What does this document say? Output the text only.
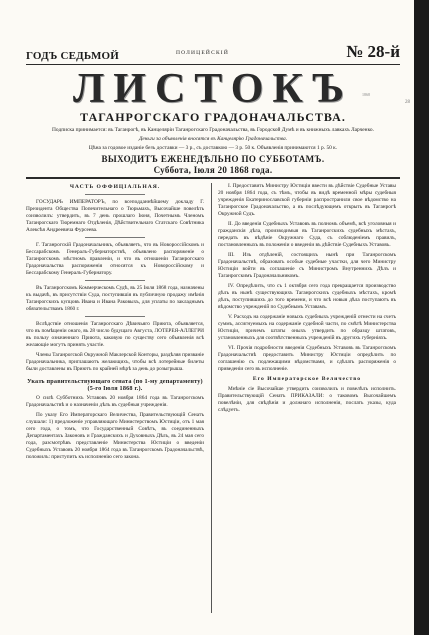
1868
28
ГОДЪ СЕДЬМОЙ	ПОЛИЦЕЙСКІЙ	№ 28-й
ЛИСТОКЪ
ТАГАНРОГСКАГО ГРАДОНАЧАЛЬСТВА.
Подписка принимается: въ Таганрогѣ, въ Канцеляріи Таганрогскаго Градоначальства, въ Городской Думѣ и въ книжныхъ лавкахъ Ларченко.
Деньги за объявленія вносятся въ Канцелярію Градоначальства.
Цѣна за годовое изданіе безъ доставки — 3 р., съ доставкою — 3 р. 50 к. Объявленія принимаются 1 р. 50 к.
ВЫХОДИТЪ ЕЖЕНЕДѢЛЬНО ПО СУББОТАМЪ.
Суббота, Іюля 20 1868 года.
ЧАСТЬ ОФФИЦІАЛЬНАЯ.

ГОСУДАРЬ ИМПЕРАТОРЪ, по всеподданнѣйшему докладу Г. Президента Общества Попечительнаго о Тюрьмахъ, Высочайше повелѣть соизволилъ: утвердить, въ 7 день прошлаго Іюня, Почетнымъ Членомъ Таганрогскаго Тюремнаго Отдѣленія, Дѣйствительнаго Статскаго Совѣтника Алексѣя Андреевича Фурсеева.

Г. Таганрогскій Градоначальникъ, объявляетъ, что въ Новороссійскомъ и Бессарабскомъ Генералъ-Губернаторствѣ, объявлено распоряженіе о Таганрогскомъ мѣстномъ правленіи, и что въ отношеніи Таганрогскаго Градоначальства распоряженія относятся къ Новороссійскому и Бессарабскому Генералъ-Губернатору.

Въ Таганрогскомъ Коммерческомъ Судѣ, въ 25 Іюля 1868 года, назначены къ выдачѣ, въ присутствіи Суда, поступившія въ публичную продажу имѣнія Таганрогскихъ купцовъ Ивана и Ивана Раковыхъ, для уплаты по закладнымъ обязательствамъ 1860 г.

Вслѣдствіе отношенія Таганрогскаго Дѣвичьяго Приюта, объявляется, что въ помѣщеніи онаго, въ 28 число будущаго Августа, ЛОТЕРЕЯ-АЛЛЕГРИ въ пользу означеннаго Приюта, каковую по существу сего объявленія всѣ желающіе могутъ принять участіе.

Члены Таганрогской Окружной Маклерской Конторы, раздѣляя призваніе Градоначальника, приглашаютъ желающихъ, чтобы всѣ лотерейные билеты были доставлены въ Приютъ по крайней мѣрѣ за день до розыгрыша.

Указъ правительствующаго сената (по 1-му департаменту) (5-го Іюля 1868 г.).

О силѣ Субботнихъ Уставовъ 20 ноября 1864 года въ Таганрогскомъ Градоначальствѣ и о назначеніи дѣлъ въ судебныя учрежденія.

По указу Его Императорскаго Величества, Правительствующій Сенатъ слушали: 1) предложеніе управляющаго Министерствомъ Юстиціи, отъ 1 мая сего года, о томъ, что Государственный Совѣтъ, въ соединенныхъ Департаментахъ Законовъ и Гражданскихъ и Духовныхъ Дѣлъ, въ 24 мая сего года, разсмотрѣвъ представленіе Министерства Юстиціи о введеніи Судебныхъ Уставовъ 20 ноября 1864 года въ Таганрогскомъ Градоначальствѣ, положилъ: приступить къ исполненію сего закона.

I. Предоставить Министру Юстиціи ввести въ дѣйствіе Судебные Уставы 20 ноября 1864 года, съ тѣмъ, чтобы въ видѣ временной мѣры судебныя учрежденія Екатеринославской губерніи распространили свое вѣдомство на Таганрогское Градоначальство, а въ послѣдующемъ открыть въ Таганрогѣ Окружной Судъ.

II. До введенія Судебныхъ Уставовъ въ полномъ объемѣ, всѣ уголовныя и гражданскія дѣла, производимыя въ Таганрогскихъ судебныхъ мѣстахъ, передать въ вѣдѣніе Окружнаго Суда, съ соблюденіемъ правилъ, постановленныхъ въ положеніи о введеніи въ дѣйствіе Судебныхъ Уставовъ.

III. Изъ отдѣленій, состоящихъ нынѣ при Таганрогскомъ Градоначальствѣ, образовать особые судебные участки, для чего Министру Юстиціи войти въ соглашеніе съ Министромъ Внутреннихъ Дѣлъ и Таганрогскимъ Градоначальникомъ.

IV. Опредѣлить, что съ 1 октября сего года прекращается производство дѣлъ въ нынѣ существующихъ Таганрогскихъ судебныхъ мѣстахъ, кромѣ дѣлъ, поступившихъ до того времени, и что всѣ новыя дѣла поступаютъ въ вѣдомство учрежденій по Судебнымъ Уставамъ.

V. Расходъ на содержаніе новыхъ судебныхъ учрежденій отнести на счетъ суммъ, ассигнуемыхъ на содержаніе судебной части, по смѣтѣ Министерства Юстиціи, причемъ штаты оныхъ утвердить по образцу штатовъ, установленныхъ для соотвѣтственныхъ учрежденій въ другихъ губерніяхъ.

VI. Прочія подробности введенія Судебныхъ Уставовъ въ Таганрогскомъ Градоначальствѣ предоставить Министру Юстиціи опредѣлить по соглашенію съ подлежащими вѣдомствами, и сдѣлать распоряженія о приведеніи сего въ исполненіе.

Его Императорское Величество

Мнѣніе сіе Высочайше утвердить соизволилъ и повелѣлъ исполнить. Правительствующій Сенатъ ПРИКАЗАЛИ: о таковомъ Высочайшемъ повелѣніи, для свѣдѣнія и должнаго исполненія, послать указы, куда слѣдуетъ.
